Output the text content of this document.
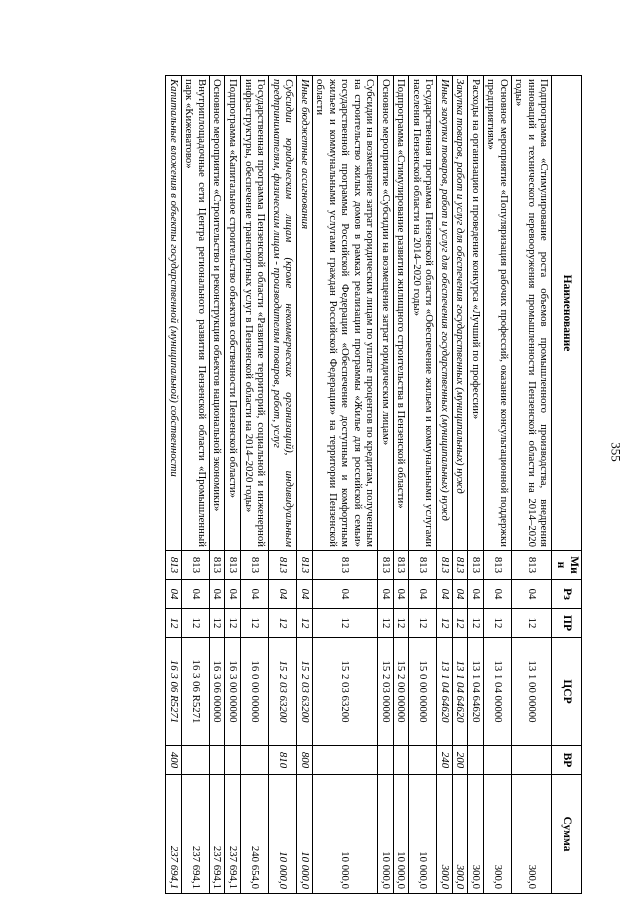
355
Наименование	Мин	Рз	ПР	ЦСР	ВР	Сумма
Подпрограмма «Стимулирование роста объемов промышленного производства, внедрения инноваций и технического перевооружения промышленности Пензенской области на 2014–2020 годы»	813	04	12	13 1 00 00000		300,0
Основное мероприятие «Популяризация рабочих профессий, оказание консультационной поддержки предприятиям»	813	04	12	13 1 04 00000		300,0
Расходы на организацию и проведение конкурса «Лучший по профессии»	813	04	12	13 1 04 64620		300,0
Закупка товаров, работ и услуг для обеспечения государственных (муниципальных) нужд	813	04	12	13 1 04 64620	200	300,0
Иные закупки товаров, работ и услуг для обеспечения государственных (муниципальных) нужд	813	04	12	13 1 04 64620	240	300,0
Государственная программа Пензенской области «Обеспечение жильем и коммунальными услугами населения Пензенской области на 2014–2020 годы»	813	04	12	15 0 00 00000		10 000,0
Подпрограмма «Стимулирование развития жилищного строительства в Пензенской области»	813	04	12	15 2 00 00000		10 000,0
Основное мероприятие «Субсидии на возмещение затрат юридическим лицам»	813	04	12	15 2 03 00000		10 000,0
Субсидии на возмещение затрат юридическим лицам по уплате процентов по кредитам, полученным на строительство жилых домов в рамках реализации программы «Жилье для российской семьи» государственной программы Российской Федерации «Обеспечение доступным и комфортным жильем и коммунальными услугами граждан Российской Федерации» на территории Пензенской области	813	04	12	15 2 03 63200		10 000,0
Иные бюджетные ассигнования	813	04	12	15 2 03 63200	800	10 000,0
Субсидии юридическим лицам (кроме некоммерческих организаций), индивидуальным предпринимателям, физическим лицам - производителям товаров, работ, услуг	813	04	12	15 2 03 63200	810	10 000,0
Государственная программа Пензенской области «Развитие территорий, социальной и инженерной инфраструктуры, обеспечение транспортных услуг в Пензенской области на 2014–2020 годы»	813	04	12	16 0 00 00000		240 654,0
Подпрограмма «Капитальное строительство объектов собственности Пензенской области»	813	04	12	16 3 00 00000		237 694,1
Основное мероприятие «Строительство и реконструкция объектов национальной экономики»	813	04	12	16 3 06 00000		237 694,1
Внутриплощадочные сети Центра регионального развития Пензенской области «Промышленный парк «Кижеватово»	813	04	12	16 3 06 R5271		237 694,1
Капитальные вложения в объекты государственной (муниципальной) собственности	813	04	12	16 3 06 R5271	400	237 694,1
